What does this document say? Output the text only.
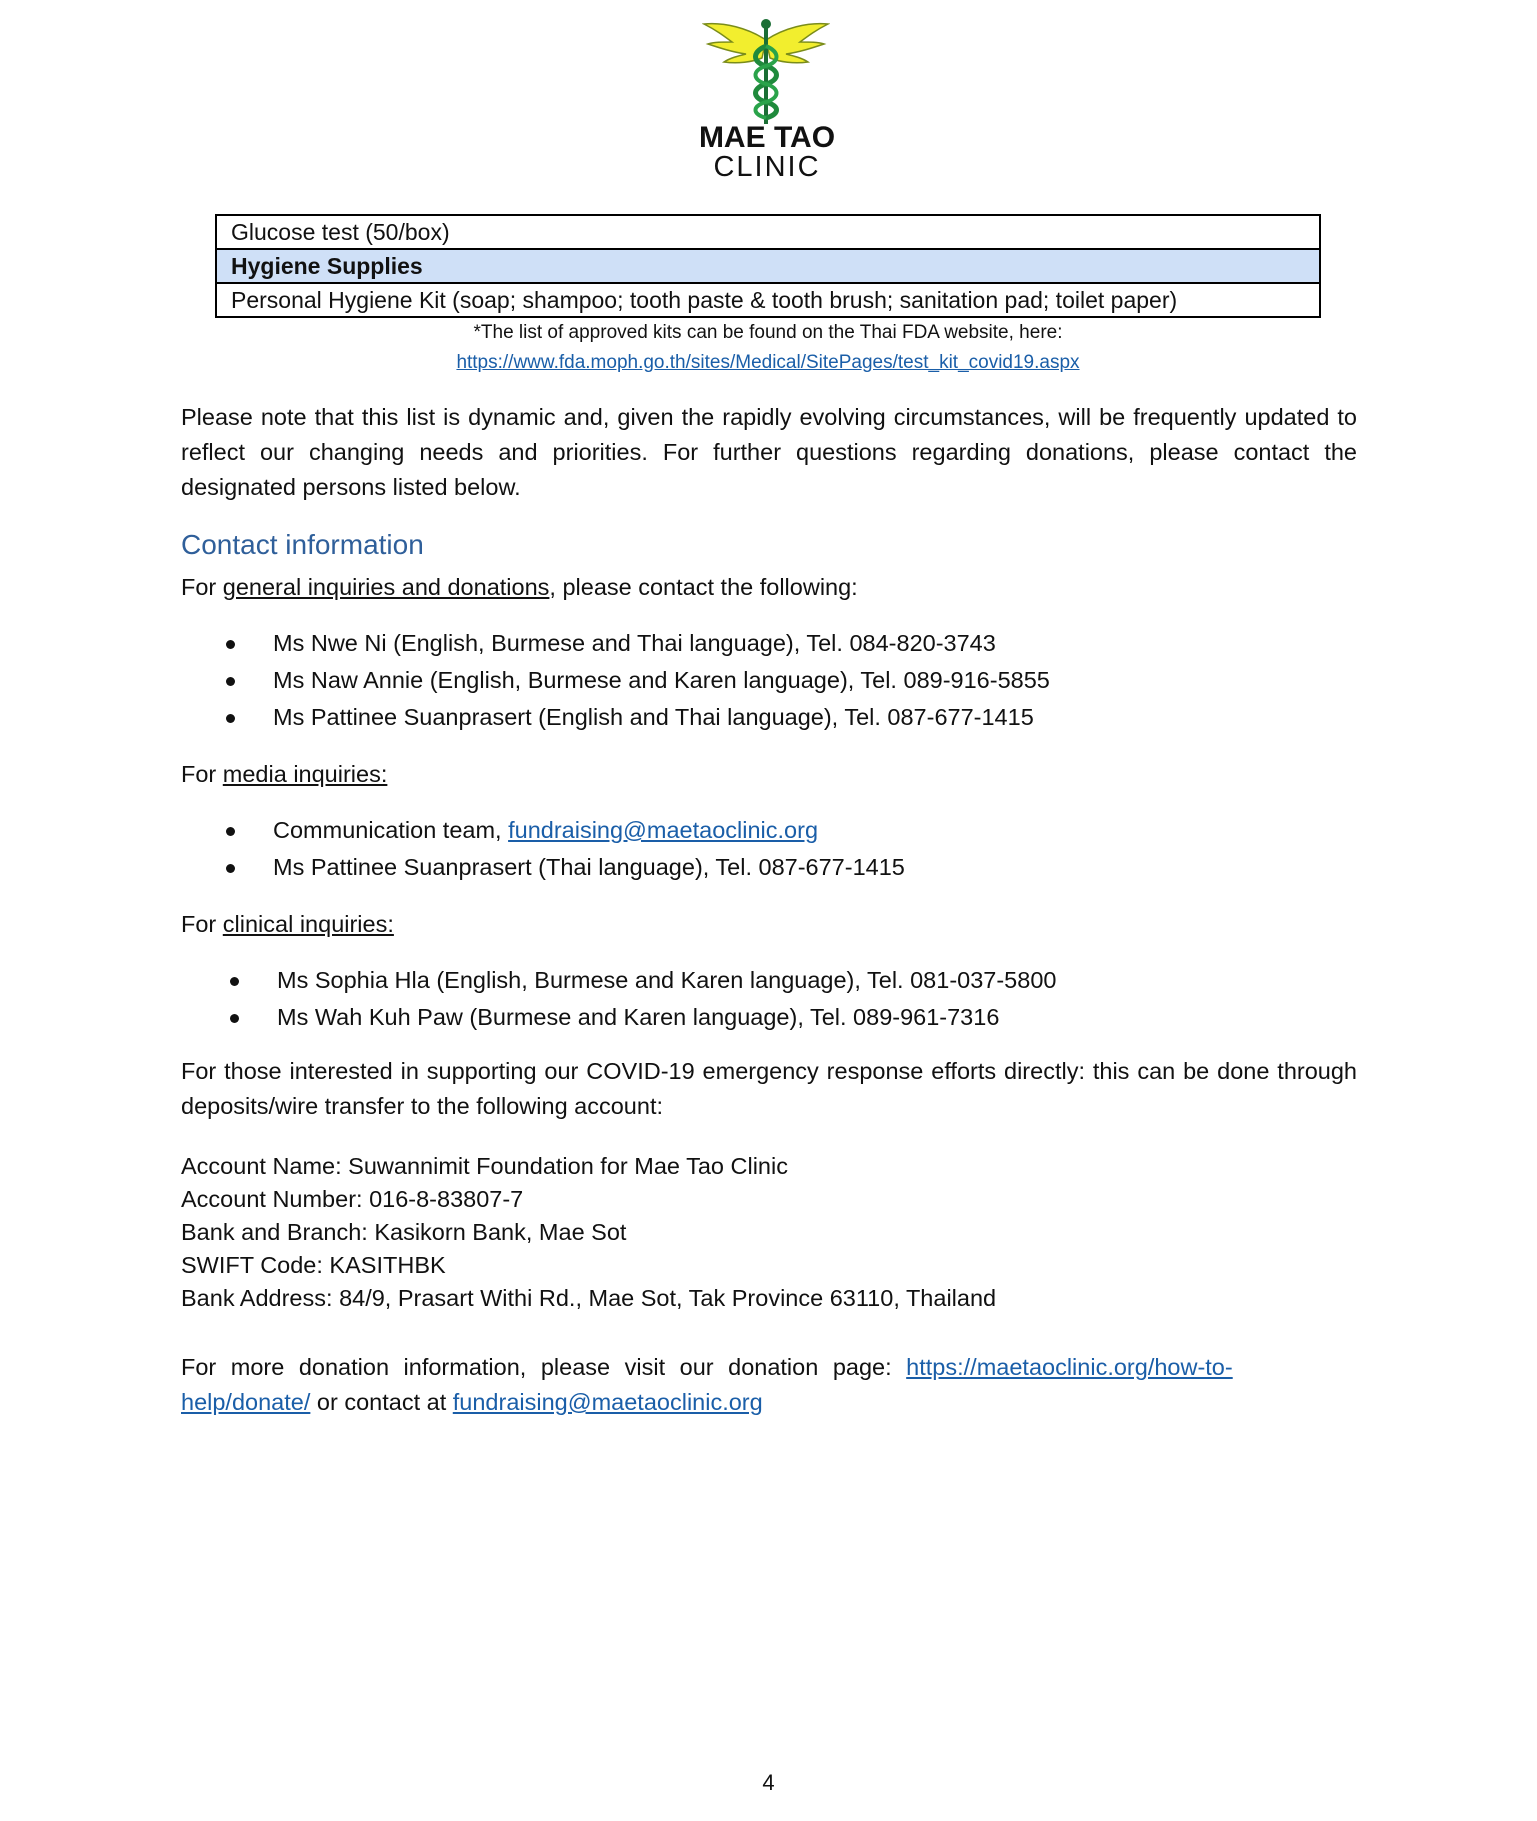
MAE TAO
CLINIC
Glucose test (50/box)
Hygiene Supplies
Personal Hygiene Kit (soap; shampoo; tooth paste & tooth brush; sanitation pad; toilet paper)
*The list of approved kits can be found on the Thai FDA website, here:
https://www.fda.moph.go.th/sites/Medical/SitePages/test_kit_covid19.aspx
Please note that this list is dynamic and, given the rapidly evolving circumstances, will be frequently updated to reflect our changing needs and priorities. For further questions regarding donations, please contact the designated persons listed below.
Contact information
For general inquiries and donations, please contact the following:
Ms Nwe Ni (English, Burmese and Thai language), Tel. 084-820-3743
Ms Naw Annie (English, Burmese and Karen language), Tel. 089-916-5855
Ms Pattinee Suanprasert (English and Thai language), Tel. 087-677-1415
For media inquiries:
Communication team, fundraising@maetaoclinic.org
Ms Pattinee Suanprasert (Thai language), Tel. 087-677-1415
For clinical inquiries:
Ms Sophia Hla (English, Burmese and Karen language), Tel. 081-037-5800
Ms Wah Kuh Paw (Burmese and Karen language), Tel. 089-961-7316
For those interested in supporting our COVID-19 emergency response efforts directly: this can be done through deposits/wire transfer to the following account:
Account Name: Suwannimit Foundation for Mae Tao Clinic
Account Number: 016-8-83807-7
Bank and Branch: Kasikorn Bank, Mae Sot
SWIFT Code: KASITHBK
Bank Address: 84/9, Prasart Withi Rd., Mae Sot, Tak Province 63110, Thailand
For more donation information, please visit our donation page: https://maetaoclinic.org/how-to-help/donate/ or contact at fundraising@maetaoclinic.org
4
